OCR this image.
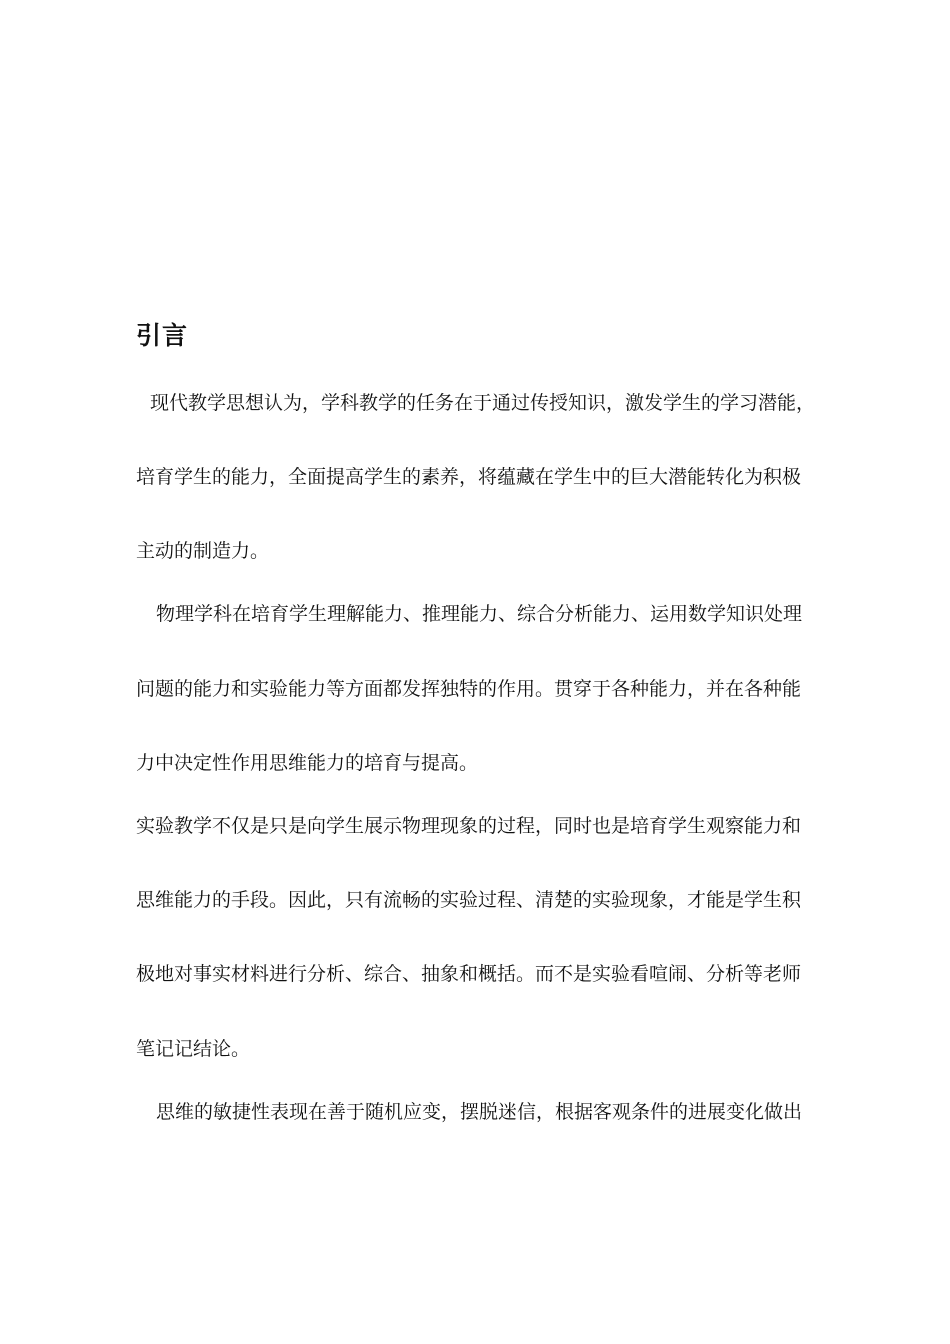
引言

现代教学思想认为，学科教学的任务在于通过传授知识，激发学生的学习潜能，

培育学生的能力，全面提高学生的素养，将蕴藏在学生中的巨大潜能转化为积极

主动的制造力。

物理学科在培育学生理解能力、推理能力、综合分析能力、运用数学知识处理

问题的能力和实验能力等方面都发挥独特的作用。贯穿于各种能力，并在各种能

力中决定性作用思维能力的培育与提高。

实验教学不仅是只是向学生展示物理现象的过程，同时也是培育学生观察能力和

思维能力的手段。因此，只有流畅的实验过程、清楚的实验现象，才能是学生积

极地对事实材料进行分析、综合、抽象和概括。而不是实验看喧闹、分析等老师

笔记记结论。

思维的敏捷性表现在善于随机应变，摆脱迷信，根据客观条件的进展变化做出
